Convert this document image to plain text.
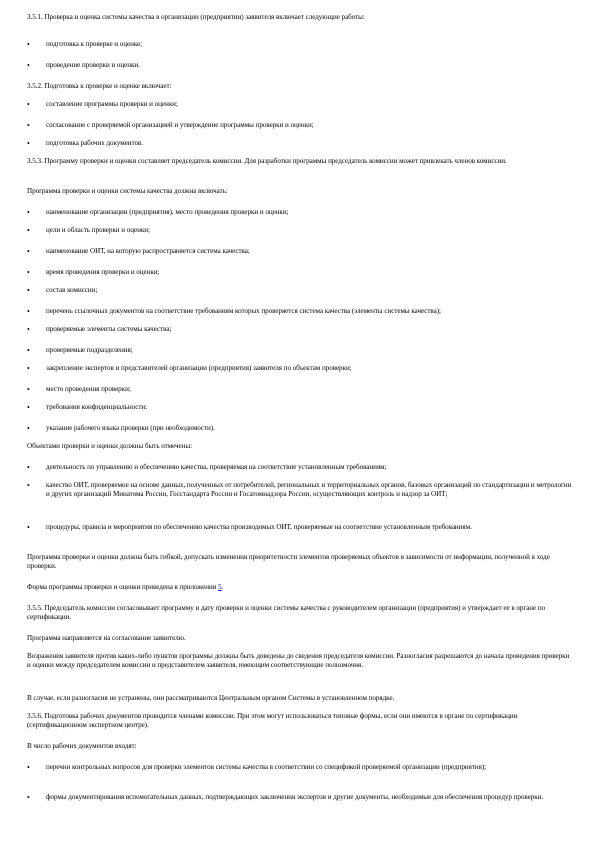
3.5.1. Проверка и оценка системы качества в организации (предприятии) заявителя включает следующие работы:
• подготовка к проверке и оценке;
• проведение проверки и оценки.
3.5.2. Подготовка к проверке и оценке включает:
• составление программы проверки и оценки;
• согласование с проверяемой организацией и утверждение программы проверки и оценки;
• подготовка рабочих документов.
3.5.3. Программу проверки и оценки составляет председатель комиссии. Для разработки программы председатель комиссии может привлекать членов комиссии.
Программа проверки и оценки системы качества должна включать:
• наименование организации (предприятия), место проведения проверки и оценки;
• цели и область проверки и оценки;
• наименование ОИТ, на которую распространяется система качества;
• время проведения проверки и оценки;
• состав комиссии;
• перечень ссылочных документов на соответствие требованиям которых проверяется система качества (элементы системы качества);
• проверяемые элементы системы качества;
• проверяемые подразделения;
• закрепление экспертов и представителей организации (предприятия) заявителя по объектам проверки;
• место проведения проверки;
• требования конфиденциальности;
• указание рабочего языка проверки (при необходимости).
Объектами проверки и оценки должны быть отмечены:
• деятельность по управлению и обеспечению качества, проверяемая на соответствие установленным требованиям;
• качество ОИТ, проверяемое на основе данных, полученных от потребителей, региональных и территориальных органов, базовых организаций по стандартизации и метрологии и других организаций Минатома России, Госстандарта России и Госатомнадзора России, осуществляющих контроль и надзор за ОИТ;
• процедуры, правила и мероприятия по обеспечению качества производимых ОИТ, проверяемые на соответствие установленным требованиям.
Программа проверки и оценки должна быть гибкой, допускать изменения приоритетности элементов проверяемых объектов в зависимости от информации, полученной в ходе проверки.
Форма программы проверки и оценки приведена в приложении 5.
3.5.5. Председатель комиссии согласовывает программу и дату проверки и оценки системы качества с руководителем организации (предприятия) и утверждает ее в органе по сертификации.
Программа направляется на согласование заявителю.
Возражения заявителя против каких-либо пунктов программы должны быть доведены до сведения председателя комиссии. Разногласия разрешаются до начала проведения проверки и оценки между председателем комиссии и представителем заявителя, имеющим соответствующие полномочия.
В случае, если разногласия не устранены, они рассматриваются Центральным органом Системы в установленном порядке.
3.5.6. Подготовка рабочих документов проводится членами комиссии. При этом могут использоваться типовые формы, если они имеются в органе по сертификации (сертификационном экспертном центре).
В число рабочих документов входят:
• перечни контрольных вопросов для проверки элементов системы качества в соответствии со спецификой проверяемой организации (предприятия);
• формы документирования вспомогательных данных, подтверждающих заключения экспертов и другие документы, необходимые для обеспечения процедур проверки.
